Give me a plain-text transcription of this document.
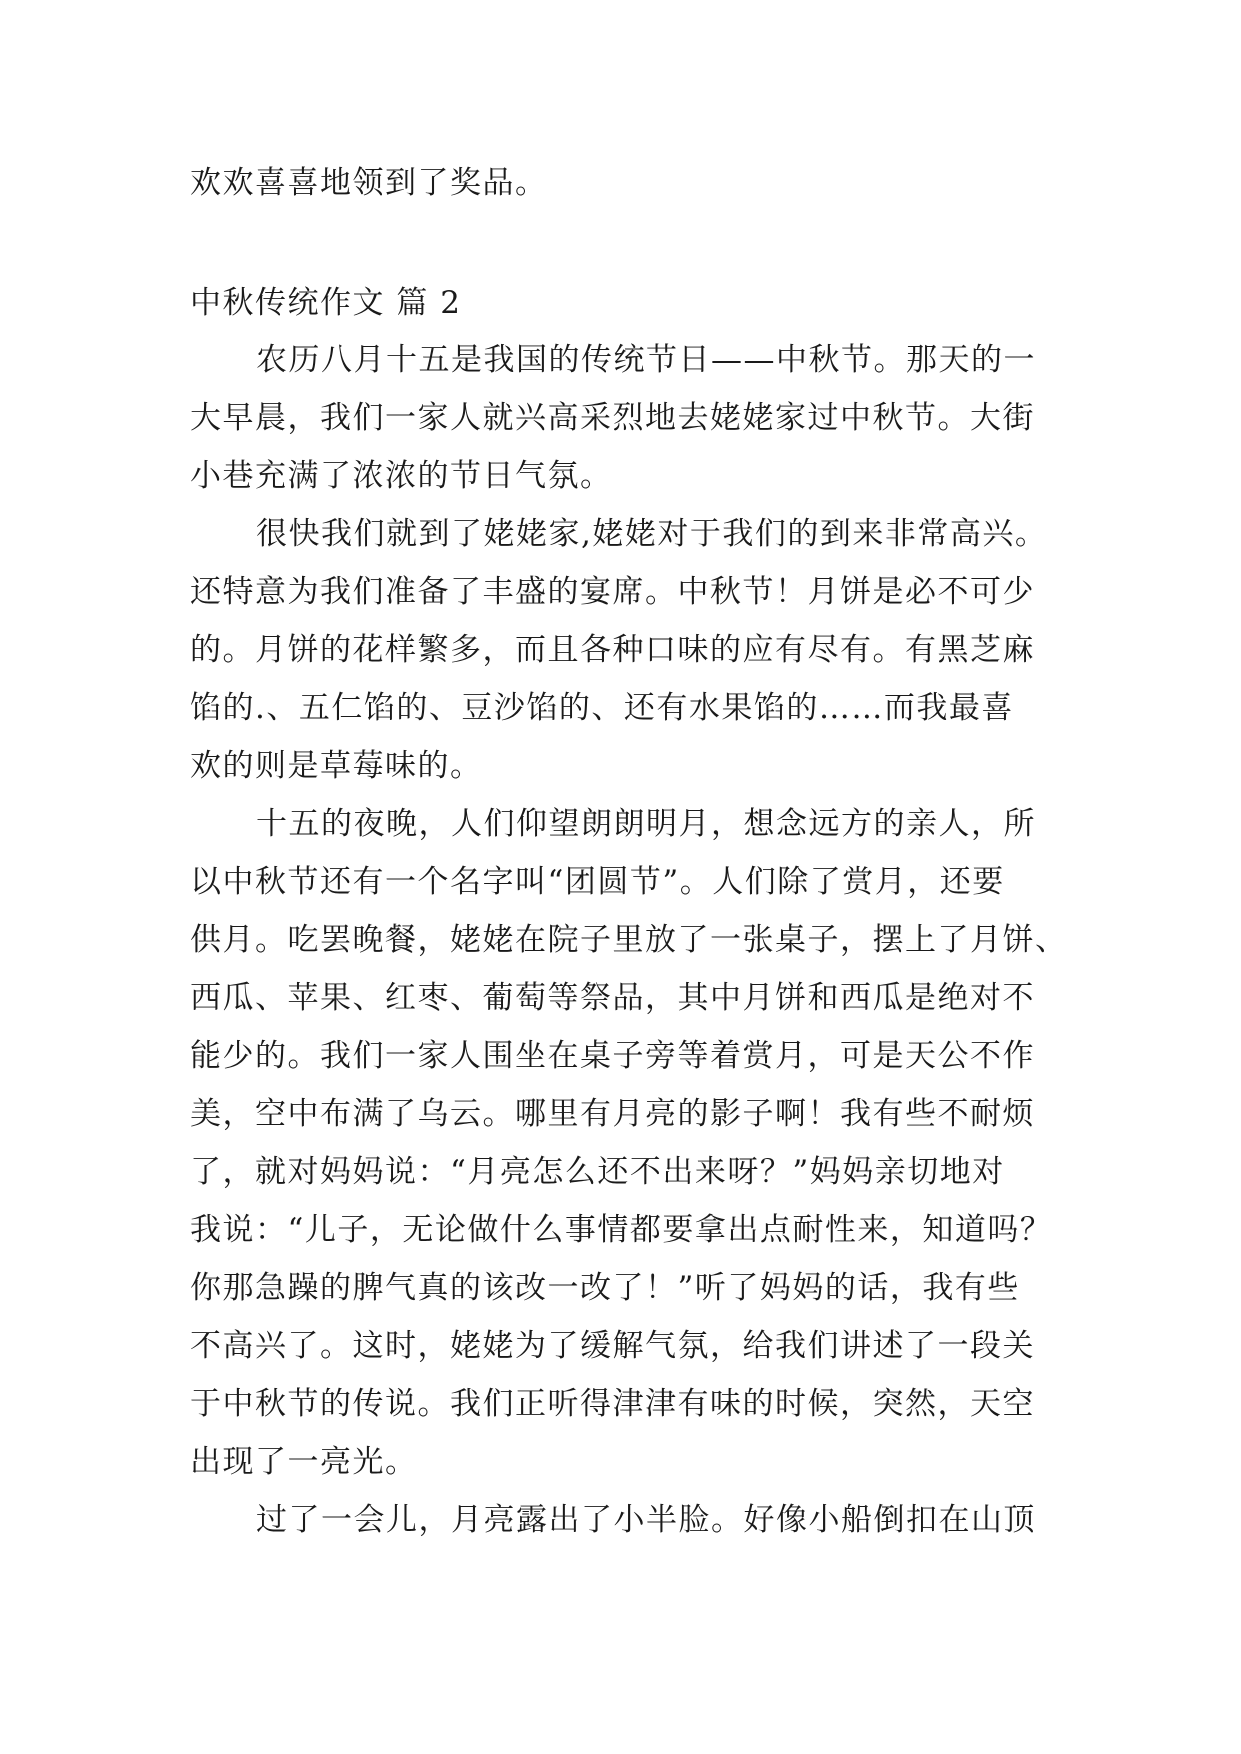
欢欢喜喜地领到了奖品。
中秋传统作文 篇 2
农历八月十五是我国的传统节日——中秋节。那天的一
大早晨，我们一家人就兴高采烈地去姥姥家过中秋节。大街
小巷充满了浓浓的节日气氛。
很快我们就到了姥姥家,姥姥对于我们的到来非常高兴。
还特意为我们准备了丰盛的宴席。中秋节！月饼是必不可少
的。月饼的花样繁多，而且各种口味的应有尽有。有黑芝麻
馅的.、五仁馅的、豆沙馅的、还有水果馅的……而我最喜
欢的则是草莓味的。
十五的夜晚，人们仰望朗朗明月，想念远方的亲人，所
以中秋节还有一个名字叫“团圆节”。人们除了赏月，还要
供月。吃罢晚餐，姥姥在院子里放了一张桌子，摆上了月饼、
西瓜、苹果、红枣、葡萄等祭品，其中月饼和西瓜是绝对不
能少的。我们一家人围坐在桌子旁等着赏月，可是天公不作
美，空中布满了乌云。哪里有月亮的影子啊！我有些不耐烦
了，就对妈妈说：“月亮怎么还不出来呀？”妈妈亲切地对
我说：“儿子，无论做什么事情都要拿出点耐性来，知道吗？
你那急躁的脾气真的该改一改了！”听了妈妈的话，我有些
不高兴了。这时，姥姥为了缓解气氛，给我们讲述了一段关
于中秋节的传说。我们正听得津津有味的时候，突然，天空
出现了一亮光。
过了一会儿，月亮露出了小半脸。好像小船倒扣在山顶
